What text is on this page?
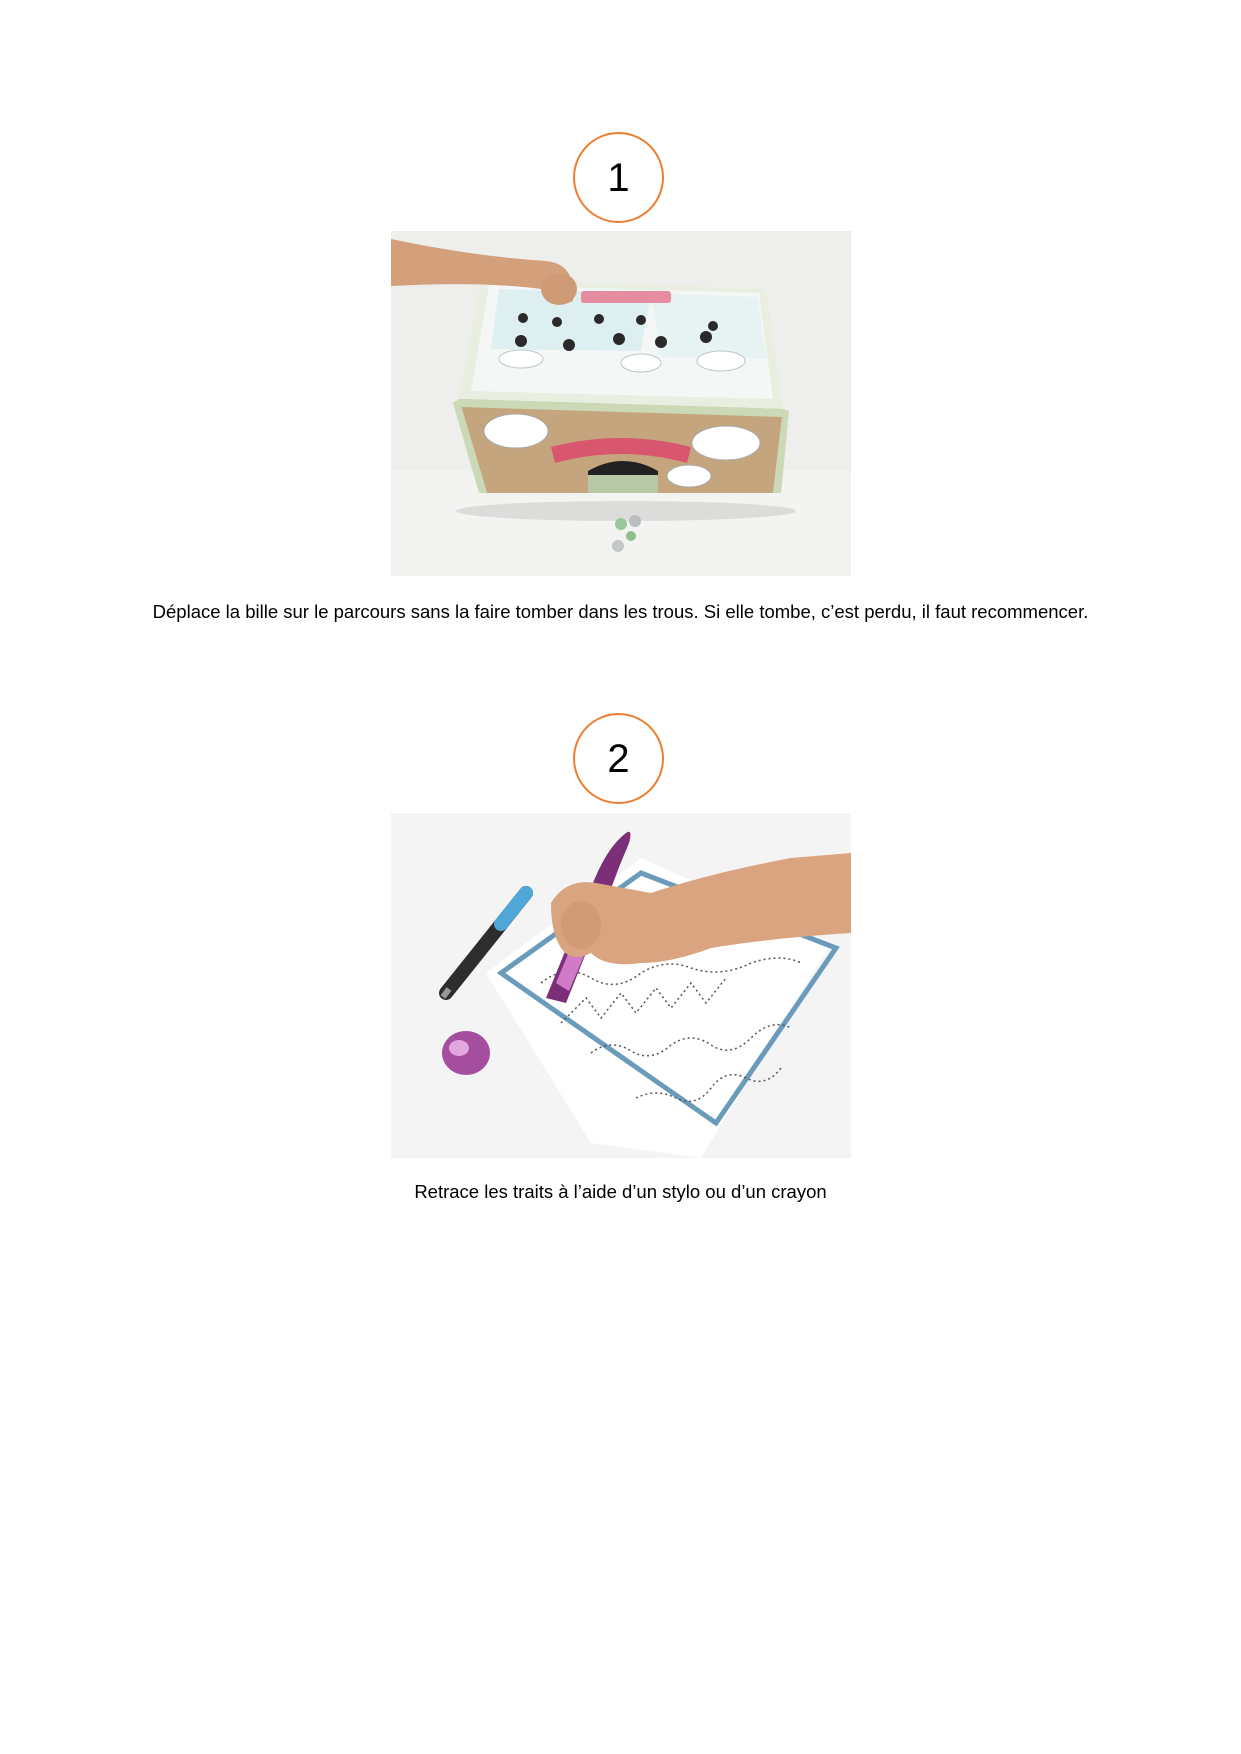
1
Déplace la bille sur le parcours sans la faire tomber dans les trous. Si elle tombe, c’est perdu, il faut recommencer.
2
Retrace les traits à l’aide d’un stylo ou d’un crayon
